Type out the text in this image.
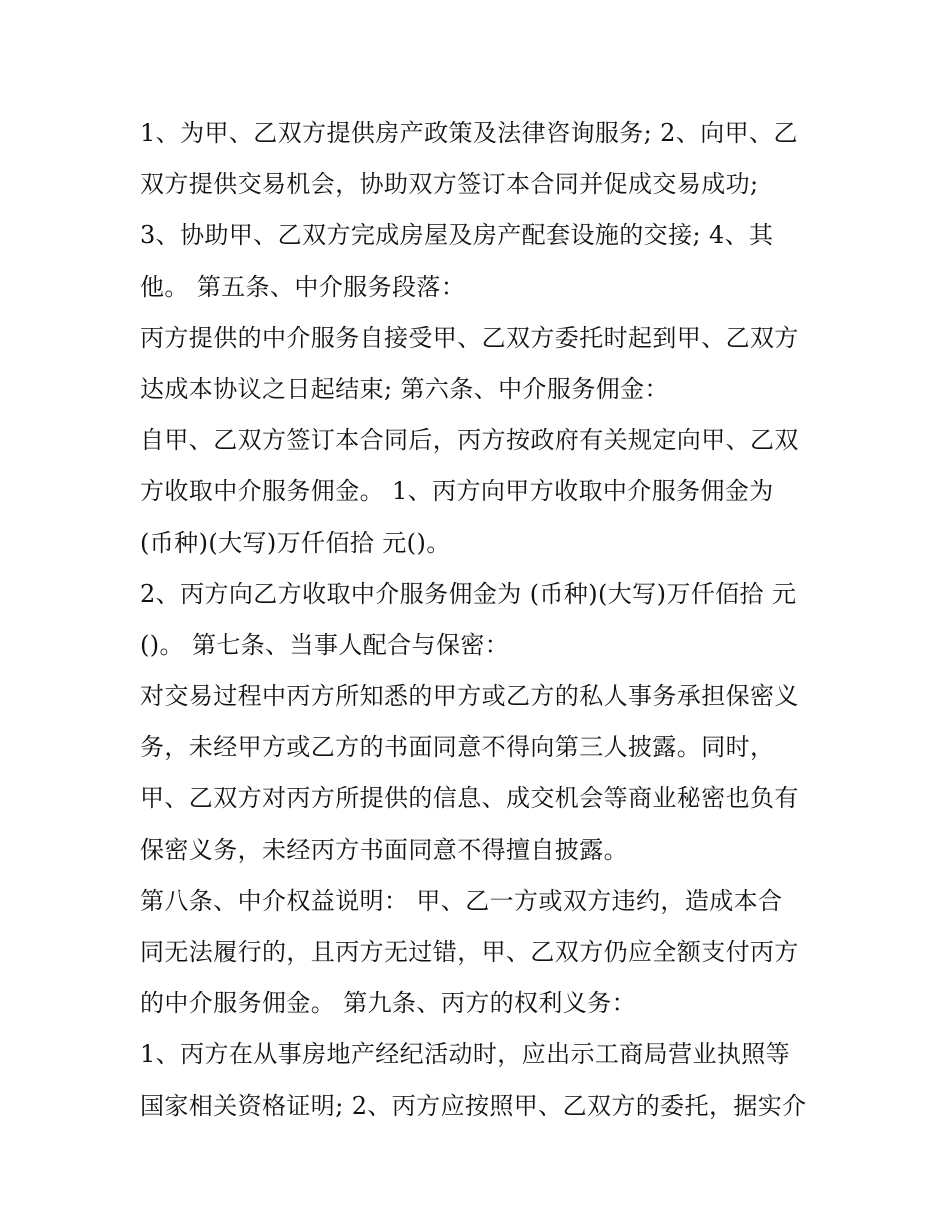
1、为甲、乙双方提供房产政策及法律咨询服务; 2、向甲、乙
双方提供交易机会，协助双方签订本合同并促成交易成功;
3、协助甲、乙双方完成房屋及房产配套设施的交接; 4、其
他。 第五条、中介服务段落：
丙方提供的中介服务自接受甲、乙双方委托时起到甲、乙双方
达成本协议之日起结束; 第六条、中介服务佣金：
自甲、乙双方签订本合同后，丙方按政府有关规定向甲、乙双
方收取中介服务佣金。 1、丙方向甲方收取中介服务佣金为
(币种)(大写)万仟佰拾 元()。
2、丙方向乙方收取中介服务佣金为 (币种)(大写)万仟佰拾 元
()。 第七条、当事人配合与保密：
对交易过程中丙方所知悉的甲方或乙方的私人事务承担保密义
务，未经甲方或乙方的书面同意不得向第三人披露。同时，
甲、乙双方对丙方所提供的信息、成交机会等商业秘密也负有
保密义务，未经丙方书面同意不得擅自披露。
第八条、中介权益说明： 甲、乙一方或双方违约，造成本合
同无法履行的，且丙方无过错，甲、乙双方仍应全额支付丙方
的中介服务佣金。 第九条、丙方的权利义务：
1、丙方在从事房地产经纪活动时，应出示工商局营业执照等
国家相关资格证明; 2、丙方应按照甲、乙双方的委托，据实介
